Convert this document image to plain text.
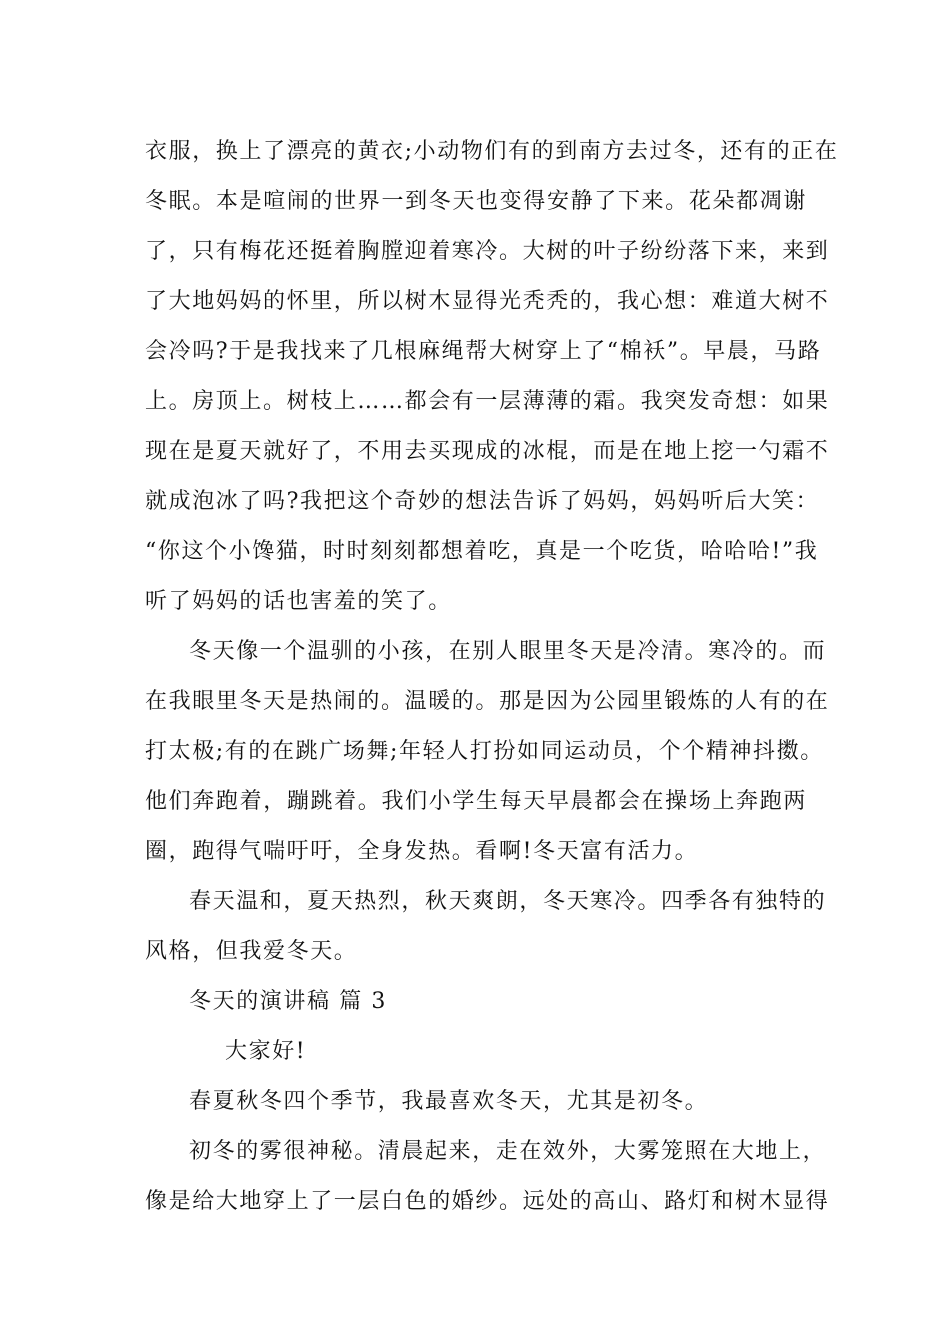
衣服，换上了漂亮的黄衣;小动物们有的到南方去过冬，还有的正在
冬眠。本是喧闹的世界一到冬天也变得安静了下来。花朵都凋谢
了，只有梅花还挺着胸膛迎着寒冷。大树的叶子纷纷落下来，来到
了大地妈妈的怀里，所以树木显得光秃秃的，我心想：难道大树不
会冷吗?于是我找来了几根麻绳帮大树穿上了“棉袄”。早晨，马路
上。房顶上。树枝上……都会有一层薄薄的霜。我突发奇想：如果
现在是夏天就好了，不用去买现成的冰棍，而是在地上挖一勺霜不
就成泡冰了吗?我把这个奇妙的想法告诉了妈妈，妈妈听后大笑：
“你这个小馋猫，时时刻刻都想着吃，真是一个吃货，哈哈哈!”我
听了妈妈的话也害羞的笑了。
冬天像一个温驯的小孩，在别人眼里冬天是冷清。寒冷的。而
在我眼里冬天是热闹的。温暖的。那是因为公园里锻炼的人有的在
打太极;有的在跳广场舞;年轻人打扮如同运动员，个个精神抖擞。
他们奔跑着，蹦跳着。我们小学生每天早晨都会在操场上奔跑两
圈，跑得气喘吁吁，全身发热。看啊!冬天富有活力。
春天温和，夏天热烈，秋天爽朗，冬天寒冷。四季各有独特的
风格，但我爱冬天。
冬天的演讲稿 篇 3
大家好!
春夏秋冬四个季节，我最喜欢冬天，尤其是初冬。
初冬的雾很神秘。清晨起来，走在效外，大雾笼照在大地上，
像是给大地穿上了一层白色的婚纱。远处的高山、路灯和树木显得
